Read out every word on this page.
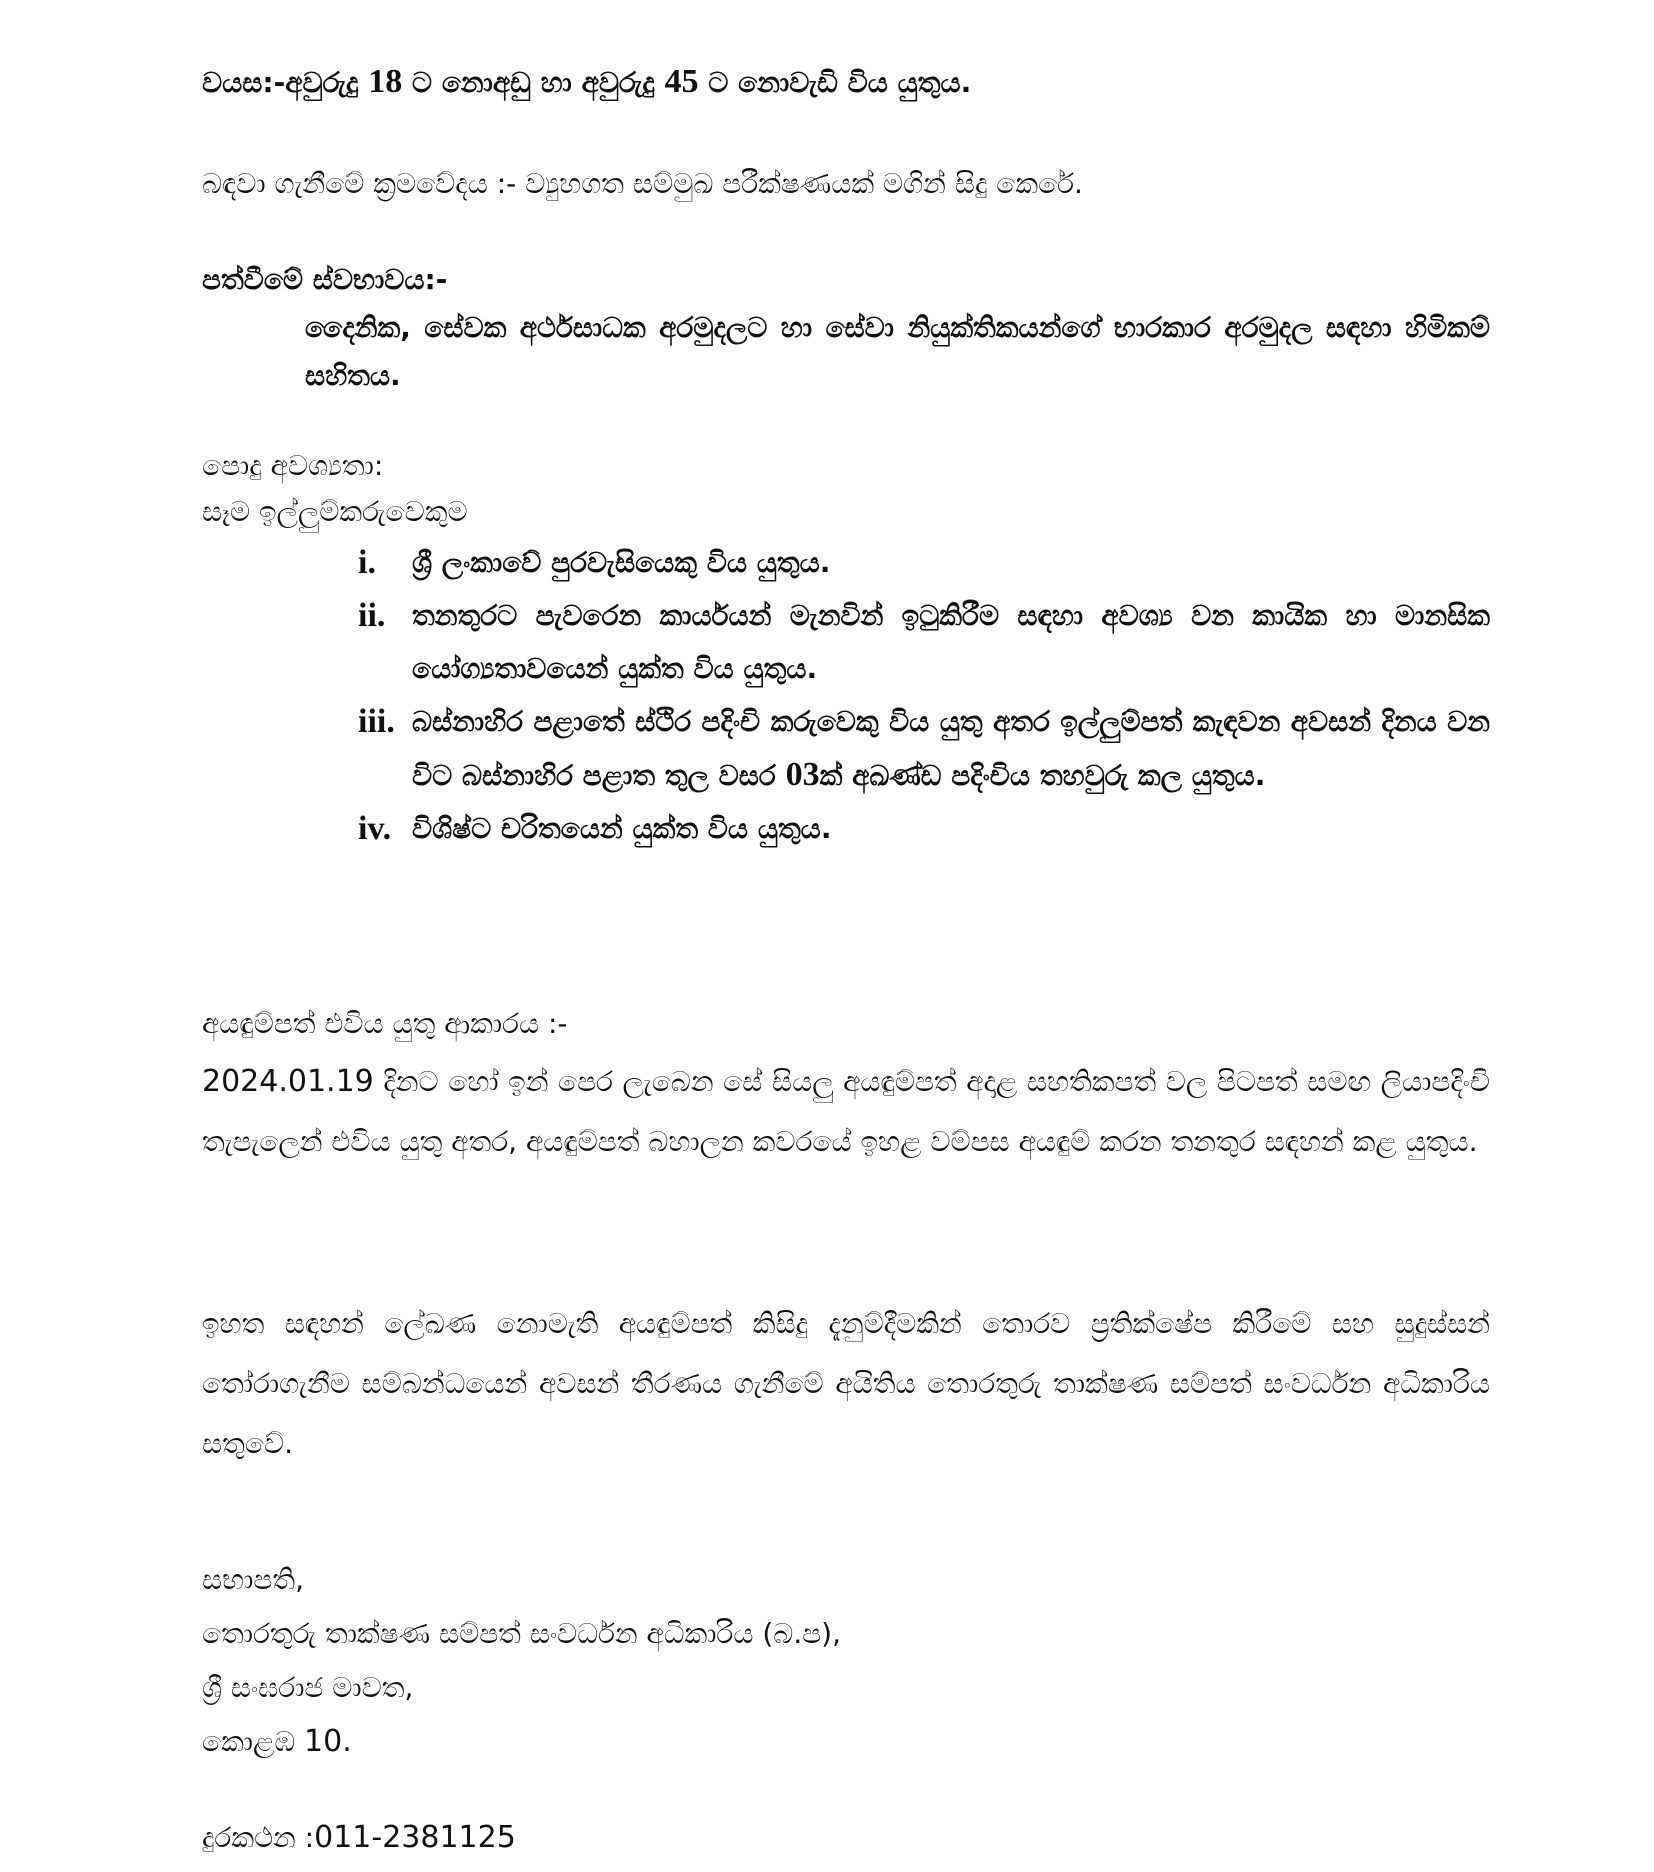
වයස:-අවුරුදු 18 ට නොඅඩු හා අවුරුදු 45 ට නොවැඩි විය යුතුය.
බඳවා ගැනීමේ ක්‍රමවේදය :- ව්‍යුහගත සම්මුඛ පරීක්ෂණයක් මගින් සිදු කෙරේ.
පත්වීමේ ස්වභාවය:-
දෛනික, සේවක අර්ථසාධක අරමුදලට හා සේවා නියුක්තිකයන්ගේ භාරකාර අරමුදල සඳහා හිමිකම් සහිතය.
පොදු අවශ්‍යතා:
සෑම ඉල්ලුම්කරුවෙකුම
i.	ශ්‍රී ලංකාවේ පුරවැසියෙකු විය යුතුය.
ii. තනතුරට පැවරෙන කාර්යයන් මැනවින් ඉටුකිරීම සඳහා අවශ්‍ය වන කායික හා මානසික යෝග්‍යතාවයෙන් යුක්ත විය යුතුය.
iii. බස්නාහිර පළාතේ ස්ථිර පදිංචි කරුවෙකු විය යුතු අතර ඉල්ලුම්පත් කැඳවන අවසන් දිනය වන විට බස්නාහිර පළාත තුල වසර 03ක් අඛණ්ඩ පදිංචිය තහවුරු කල යුතුය.
iv. විශිෂ්ට චරිතයෙන් යුක්ත විය යුතුය.
අයඳුම්පත් එවිය යුතු ආකාරය :-
2024.01.19 දිනට හෝ ඉන් පෙර ලැබෙන සේ සියලු අයඳුම්පත් අදාළ සහතිකපත් වල පිටපත් සමඟ ලියාපදිංචි තැපැලෙන් එවිය යුතු අතර, අයඳුම්පත් බහාලන කවරයේ ඉහළ වම්පස අයඳුම් කරන තනතුර සඳහන් කළ යුතුය.
ඉහත සඳහන් ලේඛණ නොමැති අයඳුම්පත් කිසිදු දැනුම්දීමකින් තොරව ප්‍රතික්ෂේප කිරීමේ සහ සුදුස්සන් තෝරාගැනීම සම්බන්ධයෙන් අවසන් තීරණය ගැනීමේ අයිතිය තොරතුරු තාක්ෂණ සම්පත් සංවර්ධන අධිකාරිය සතුවේ.
සභාපති,
තොරතුරු තාක්ෂණ සම්පත් සංවර්ධන අධිකාරිය (බ.ප),
ශ්‍රී සංඝරාජ මාවත,
කොළඹ 10.
දුරකථන :011-2381125
